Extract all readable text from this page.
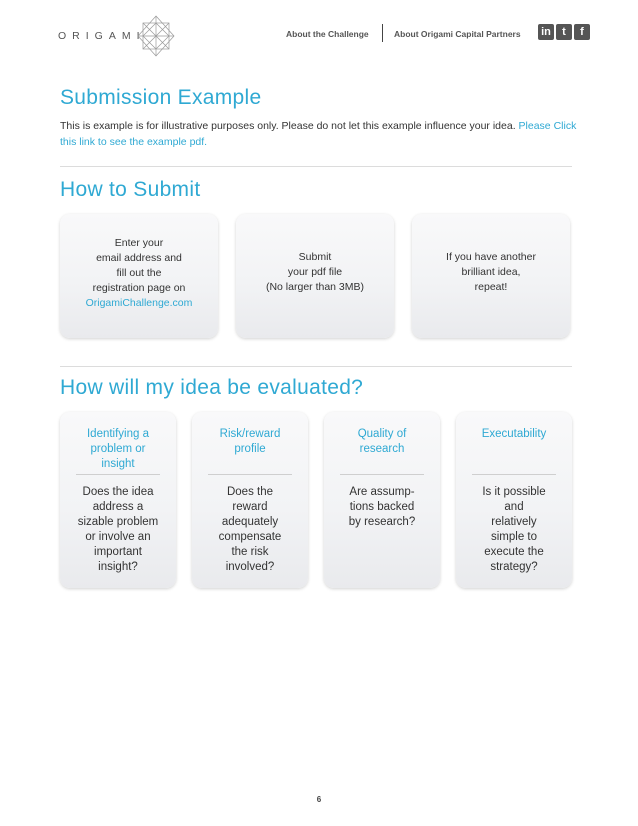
ORIGAMI	About the Challenge	About Origami Capital Partners in	t	f
Submission Example
This is example is for illustrative purposes only. Please do not let this example influence your idea. Please Click this link to see the example pdf.
How to Submit
Enter your
email address and
fill out the
registration page on
OrigamiChallenge.com
Submit
your pdf file
(No larger than 3MB)
If you have another
brilliant idea,
repeat!
How will my idea be evaluated?
Identifying a
problem or
insight
Does the idea
address a
sizable problem
or involve an
important
insight?
Risk/reward
profile
Does the
reward
adequately
compensate
the risk
involved?
Quality of
research
Are assump-
tions backed
by research?
Executability
Is it possible
and
relatively
simple to
execute the
strategy?
6
